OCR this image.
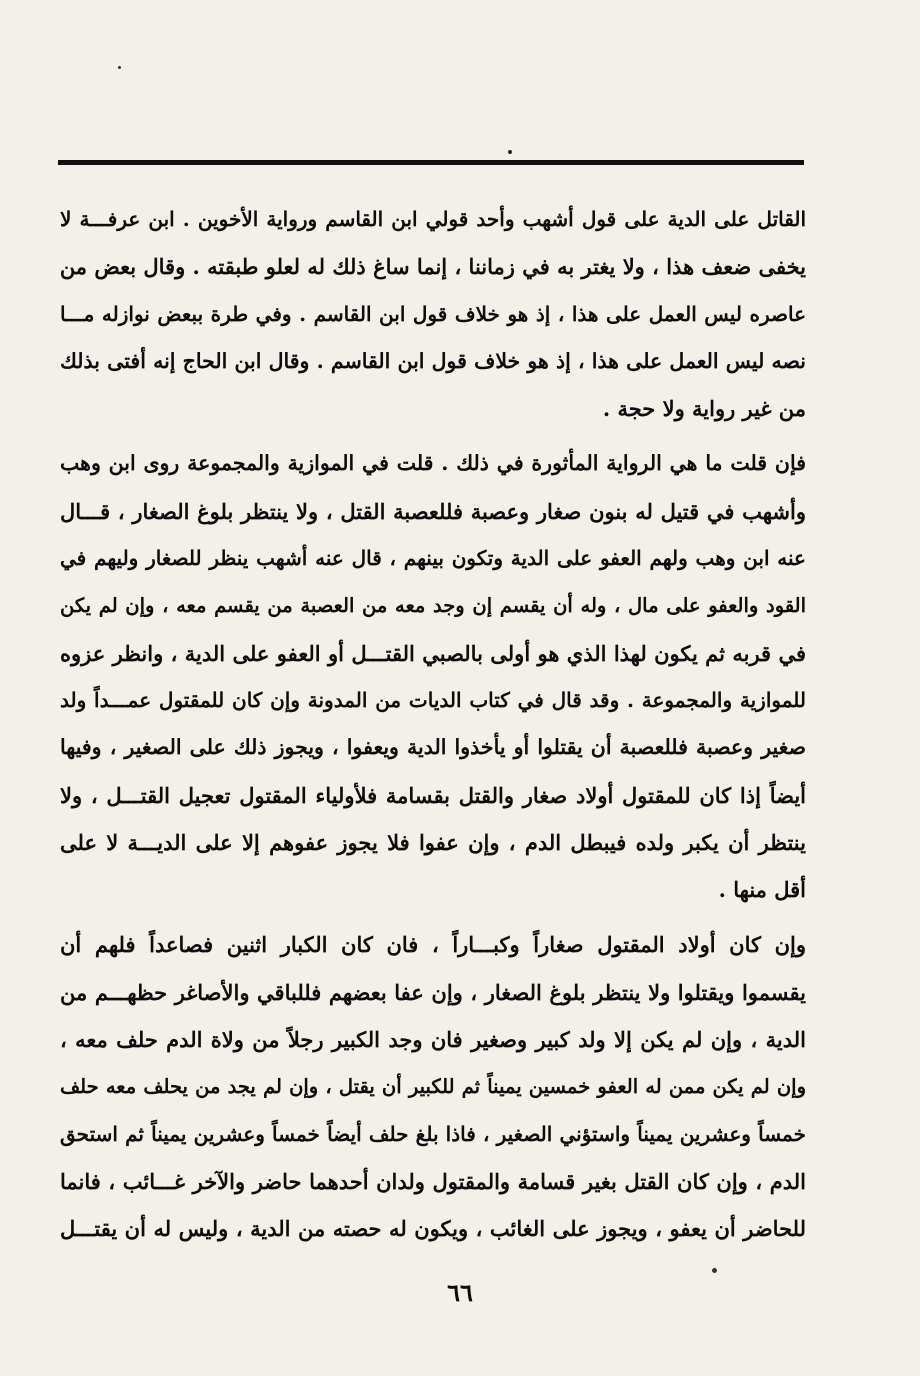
القاتل على الدية على قول أشهب وأحد قولي ابن القاسم ورواية الأخوين . ابن عرفـــة لا
يخفى ضعف هذا ، ولا يغتر به في زماننا ، إنما ساغ ذلك له لعلو طبقته . وقال بعض من
عاصره ليس العمل على هذا ، إذ هو خلاف قول ابن القاسم . وفي طرة ببعض نوازله مـــا
نصه ليس العمل على هذا ، إذ هو خلاف قول ابن القاسم . وقال ابن الحاج إنه أفتى بذلك
من غير رواية ولا حجة .
فإن قلت ما هي الرواية المأثورة في ذلك . قلت في الموازية والمجموعة روى ابن وهب
وأشهب في قتيل له بنون صغار وعصبة فللعصبة القتل ، ولا ينتظر بلوغ الصغار ، قـــال
عنه ابن وهب ولهم العفو على الدية وتكون بينهم ، قال عنه أشهب ينظر للصغار وليهم في
القود والعفو على مال ، وله أن يقسم إن وجد معه من العصبة من يقسم معه ، وإن لم يكن
في قربه ثم يكون لهذا الذي هو أولى بالصبي القتـــل أو العفو على الدية ، وانظر عزوه
للموازية والمجموعة . وقد قال في كتاب الديات من المدونة وإن كان للمقتول عمـــداً ولد
صغير وعصبة فللعصبة أن يقتلوا أو يأخذوا الدية ويعفوا ، ويجوز ذلك على الصغير ، وفيها
أيضاً إذا كان للمقتول أولاد صغار والقتل بقسامة فلأولياء المقتول تعجيل القتـــل ، ولا
ينتظر أن يكبر ولده فيبطل الدم ، وإن عفوا فلا يجوز عفوهم إلا على الديـــة لا على
أقل منها .
وإن كان أولاد المقتول صغاراً وكبـــاراً ، فان كان الكبار اثنين فصاعداً فلهم أن
يقسموا ويقتلوا ولا ينتظر بلوغ الصغار ، وإن عفا بعضهم فللباقي والأصاغر حظهـــم من
الدية ، وإن لم يكن إلا ولد كبير وصغير فان وجد الكبير رجلاً من ولاة الدم حلف معه ،
وإن لم يكن ممن له العفو خمسين يميناً ثم للكبير أن يقتل ، وإن لم يجد من يحلف معه حلف
خمساً وعشرين يميناً واستؤني الصغير ، فاذا بلغ حلف أيضاً خمساً وعشرين يميناً ثم استحق
الدم ، وإن كان القتل بغير قسامة والمقتول ولدان أحدهما حاضر والآخر غـــائب ، فانما
للحاضر أن يعفو ، ويجوز على الغائب ، ويكون له حصته من الدية ، وليس له أن يقتـــل
٦٦
